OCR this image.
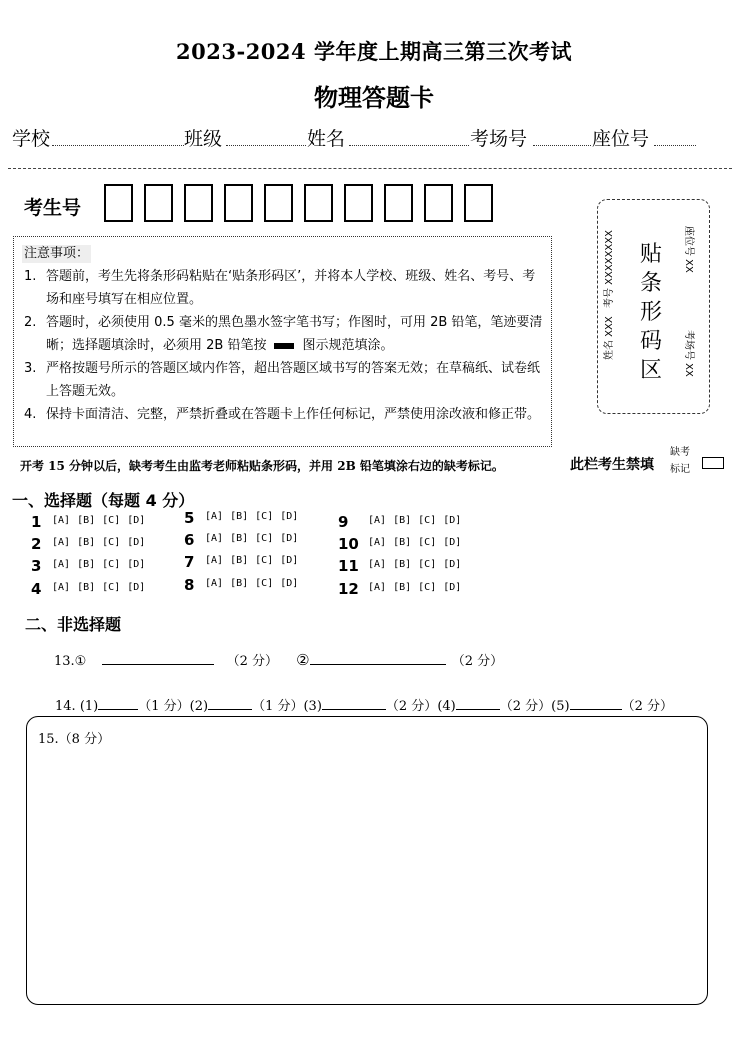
2023-2024 学年度上期高三第三次考试
物理答题卡
学校	班级	姓名	考场号	座位号
考生号
注意事项：
1. 答题前，考生先将条形码粘贴在‘贴条形码区’，并将本人学校、班级、姓名、考号、考场和座号填写在相应位置。
2. 答题时，必须使用 0.5 毫米的黑色墨水签字笔书写；作图时，可用 2B 铅笔，笔迹要清晰；选择题填涂时，必须用 2B 铅笔按	图示规范填涂。
3. 严格按题号所示的答题区域内作答，超出答题区域书写的答案无效；在草稿纸、试卷纸上答题无效。
4. 保持卡面清洁、完整，严禁折叠或在答题卡上作任何标记，严禁使用涂改液和修正带。
姓名 XXX
考号 XXXXXXXX 贴
条
形
码
区
座位号 XX
考场号 XX
开考 15 分钟以后，缺考考生由监考老师粘贴条形码，并用 2B 铅笔填涂右边的缺考标记。	此栏考生禁填
缺考标记
一、选择题（每题 4 分）
1 [A] [B] [C] [D]
2 [A] [B] [C] [D]
3 [A] [B] [C] [D]
4 [A] [B] [C] [D]
5 [A] [B] [C] [D]
6 [A] [B] [C] [D]
7 [A] [B] [C] [D]
8 [A] [B] [C] [D]
9 [A] [B] [C] [D]
10 [A] [B] [C] [D]
11 [A] [B] [C] [D]
12 [A] [B] [C] [D]
二、非选择题
13.①	（2 分） ②	（2 分）
14. (1)	（1 分）(2)	（1 分）(3)	（2 分）(4)	（2 分）(5)	（2 分）
15.（8 分）
